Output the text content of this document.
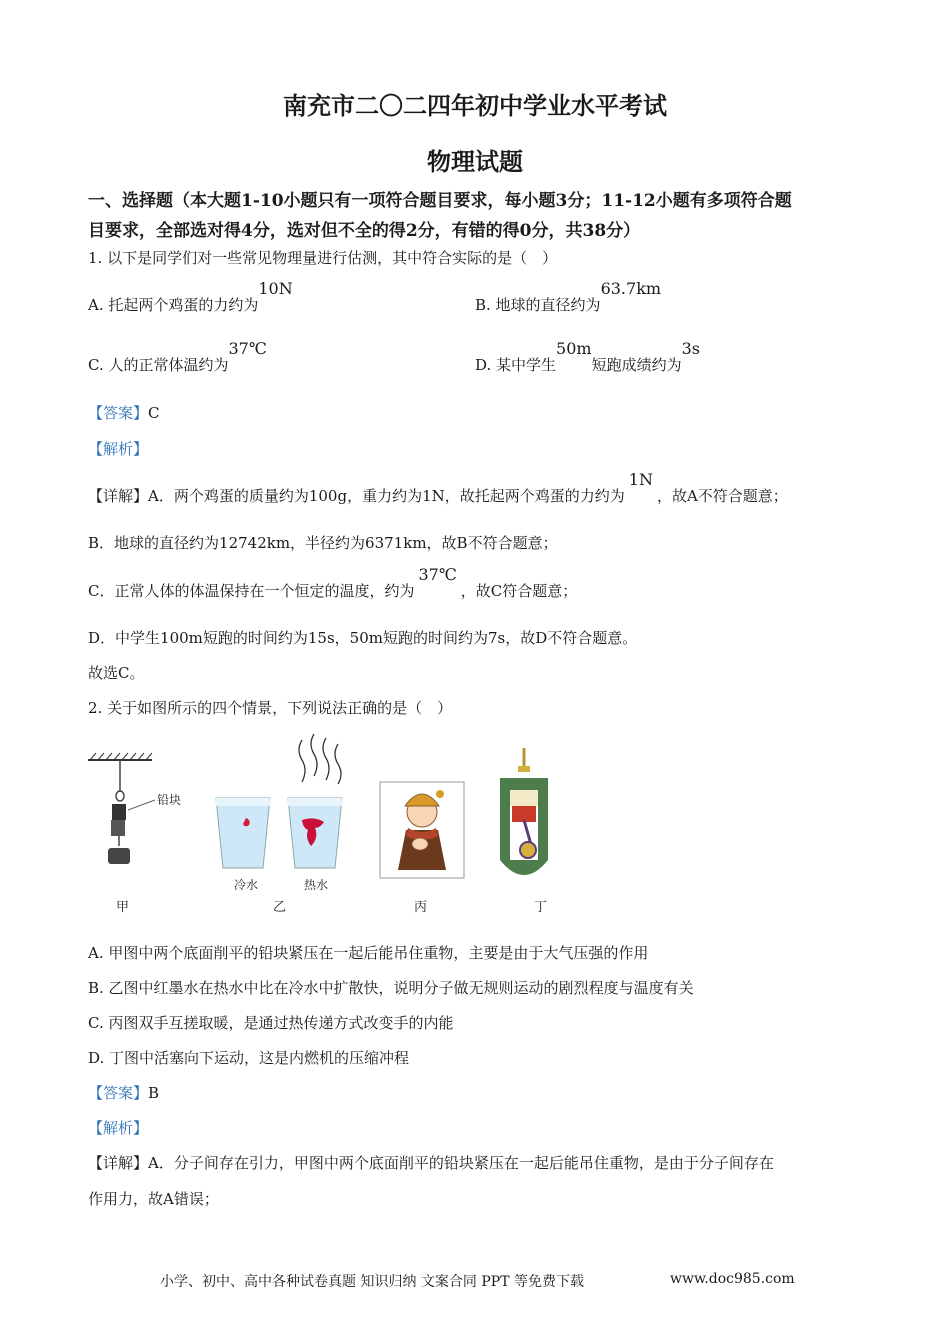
南充市二〇二四年初中学业水平考试
物理试题
一、选择题（本大题1-10小题只有一项符合题目要求，每小题3分；11-12小题有多项符合题
目要求，全部选对得4分，选对但不全的得2分，有错的得0分，共38分）
1. 以下是同学们对一些常见物理量进行估测，其中符合实际的是（　）
A. 托起两个鸡蛋的力约为10N
B. 地球的直径约为63.7km
C. 人的正常体温约为37℃
D. 某中学生50m短跑成绩约为3s
【答案】C
【解析】
【详解】A．两个鸡蛋的质量约为100g，重力约为1N，故托起两个鸡蛋的力约为1N，故A不符合题意；
B．地球的直径约为12742km，半径约为6371km，故B不符合题意；
C．正常人体的体温保持在一个恒定的温度，约为37℃，故C符合题意；
D．中学生100m短跑的时间约为15s，50m短跑的时间约为7s，故D不符合题意。
故选C。
2. 关于如图所示的四个情景，下列说法正确的是（　）
铅块
甲
冷水	热水
乙	丙	丁
A. 甲图中两个底面削平的铅块紧压在一起后能吊住重物，主要是由于大气压强的作用
B. 乙图中红墨水在热水中比在冷水中扩散快，说明分子做无规则运动的剧烈程度与温度有关
C. 丙图双手互搓取暖，是通过热传递方式改变手的内能
D. 丁图中活塞向下运动，这是内燃机的压缩冲程
【答案】B
【解析】
【详解】A．分子间存在引力，甲图中两个底面削平的铅块紧压在一起后能吊住重物，是由于分子间存在
作用力，故A错误；
小学、初中、高中各种试卷真题 知识归纳 文案合同 PPT 等免费下载	www.doc985.com
